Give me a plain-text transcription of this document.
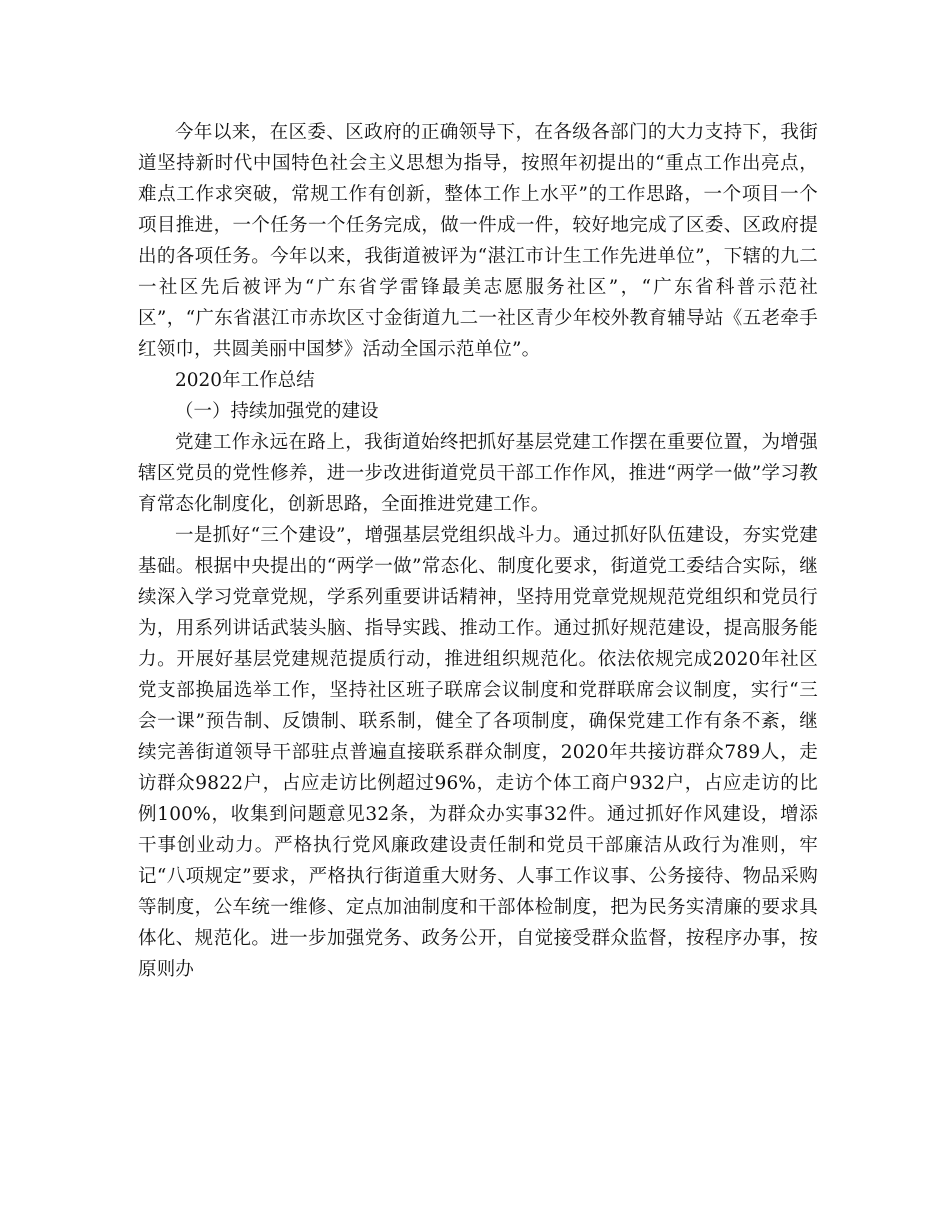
今年以来，在区委、区政府的正确领导下，在各级各部门的大力支持下，我街道坚持新时代中国特色社会主义思想为指导，按照年初提出的“重点工作出亮点，难点工作求突破，常规工作有创新，整体工作上水平”的工作思路，一个项目一个项目推进，一个任务一个任务完成，做一件成一件，较好地完成了区委、区政府提出的各项任务。今年以来，我街道被评为“湛江市计生工作先进单位”，下辖的九二一社区先后被评为“广东省学雷锋最美志愿服务社区”，“广东省科普示范社区”，“广东省湛江市赤坎区寸金街道九二一社区青少年校外教育辅导站《五老牵手红领巾，共圆美丽中国梦》活动全国示范单位”。

2020年工作总结

（一）持续加强党的建设

党建工作永远在路上，我街道始终把抓好基层党建工作摆在重要位置，为增强辖区党员的党性修养，进一步改进街道党员干部工作作风，推进“两学一做”学习教育常态化制度化，创新思路，全面推进党建工作。

一是抓好“三个建设”，增强基层党组织战斗力。通过抓好队伍建设，夯实党建基础。根据中央提出的“两学一做”常态化、制度化要求，街道党工委结合实际，继续深入学习党章党规，学系列重要讲话精神，坚持用党章党规规范党组织和党员行为，用系列讲话武装头脑、指导实践、推动工作。通过抓好规范建设，提高服务能力。开展好基层党建规范提质行动，推进组织规范化。依法依规完成2020年社区党支部换届选举工作，坚持社区班子联席会议制度和党群联席会议制度，实行“三会一课”预告制、反馈制、联系制，健全了各项制度，确保党建工作有条不紊，继续完善街道领导干部驻点普遍直接联系群众制度，2020年共接访群众789人，走访群众9822户，占应走访比例超过96%，走访个体工商户932户，占应走访的比例100%，收集到问题意见32条，为群众办实事32件。通过抓好作风建设，增添干事创业动力。严格执行党风廉政建设责任制和党员干部廉洁从政行为准则，牢记“八项规定”要求，严格执行街道重大财务、人事工作议事、公务接待、物品采购等制度，公车统一维修、定点加油制度和干部体检制度，把为民务实清廉的要求具体化、规范化。进一步加强党务、政务公开，自觉接受群众监督，按程序办事，按原则办
